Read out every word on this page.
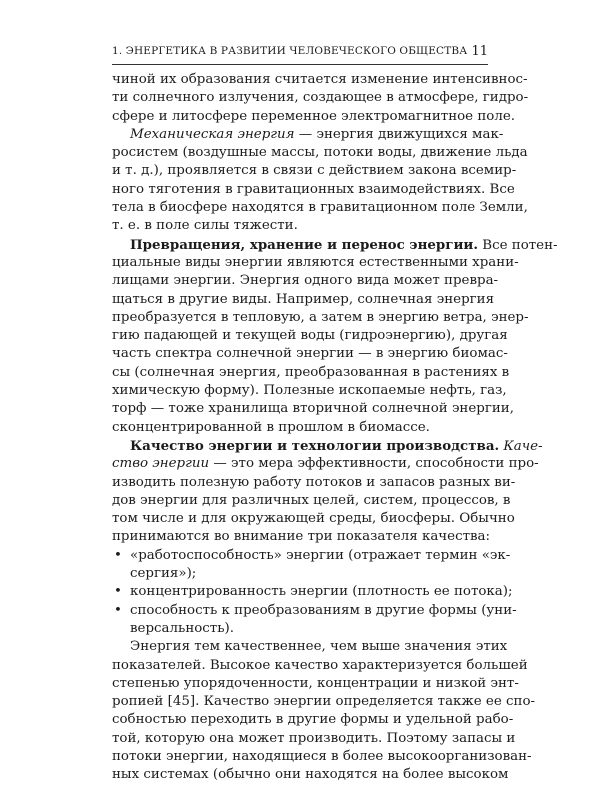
1. ЭНЕРГЕТИКА В РАЗВИТИИ ЧЕЛОВЕЧЕСКОГО ОБЩЕСТВА 11
чиной их образования считается изменение интенсивнос-
ти солнечного излучения, создающее в атмосфере, гидро-
сфере и литосфере переменное электромагнитное поле.
Механическая энергия — энергия движущихся мак-
росистем (воздушные массы, потоки воды, движение льда
и т. д.), проявляется в связи с действием закона всемир-
ного тяготения в гравитационных взаимодействиях. Все
тела в биосфере находятся в гравитационном поле Земли,
т. е. в поле силы тяжести.
Превращения, хранение и перенос энергии. Все потен-
циальные виды энергии являются естественными храни-
лищами энергии. Энергия одного вида может превра-
щаться в другие виды. Например, солнечная энергия
преобразуется в тепловую, а затем в энергию ветра, энер-
гию падающей и текущей воды (гидроэнергию), другая
часть спектра солнечной энергии — в энергию биомас-
сы (солнечная энергия, преобразованная в растениях в
химическую форму). Полезные ископаемые нефть, газ,
торф — тоже хранилища вторичной солнечной энергии,
сконцентрированной в прошлом в биомассе.
Качество энергии и технологии производства. Каче-
ство энергии — это мера эффективности, способности про-
изводить полезную работу потоков и запасов разных ви-
дов энергии для различных целей, систем, процессов, в
том числе и для окружающей среды, биосферы. Обычно
принимаются во внимание три показателя качества:
• «работоспособность» энергии (отражает термин «эк-
сергия»);
• концентрированность энергии (плотность ее потока);
• способность к преобразованиям в другие формы (уни-
версальность).
Энергия тем качественнее, чем выше значения этих
показателей. Высокое качество характеризуется большей
степенью упорядоченности, концентрации и низкой энт-
ропией [45]. Качество энергии определяется также ее спо-
собностью переходить в другие формы и удельной рабо-
той, которую она может производить. Поэтому запасы и
потоки энергии, находящиеся в более высокоорганизован-
ных системах (обычно они находятся на более высоком
